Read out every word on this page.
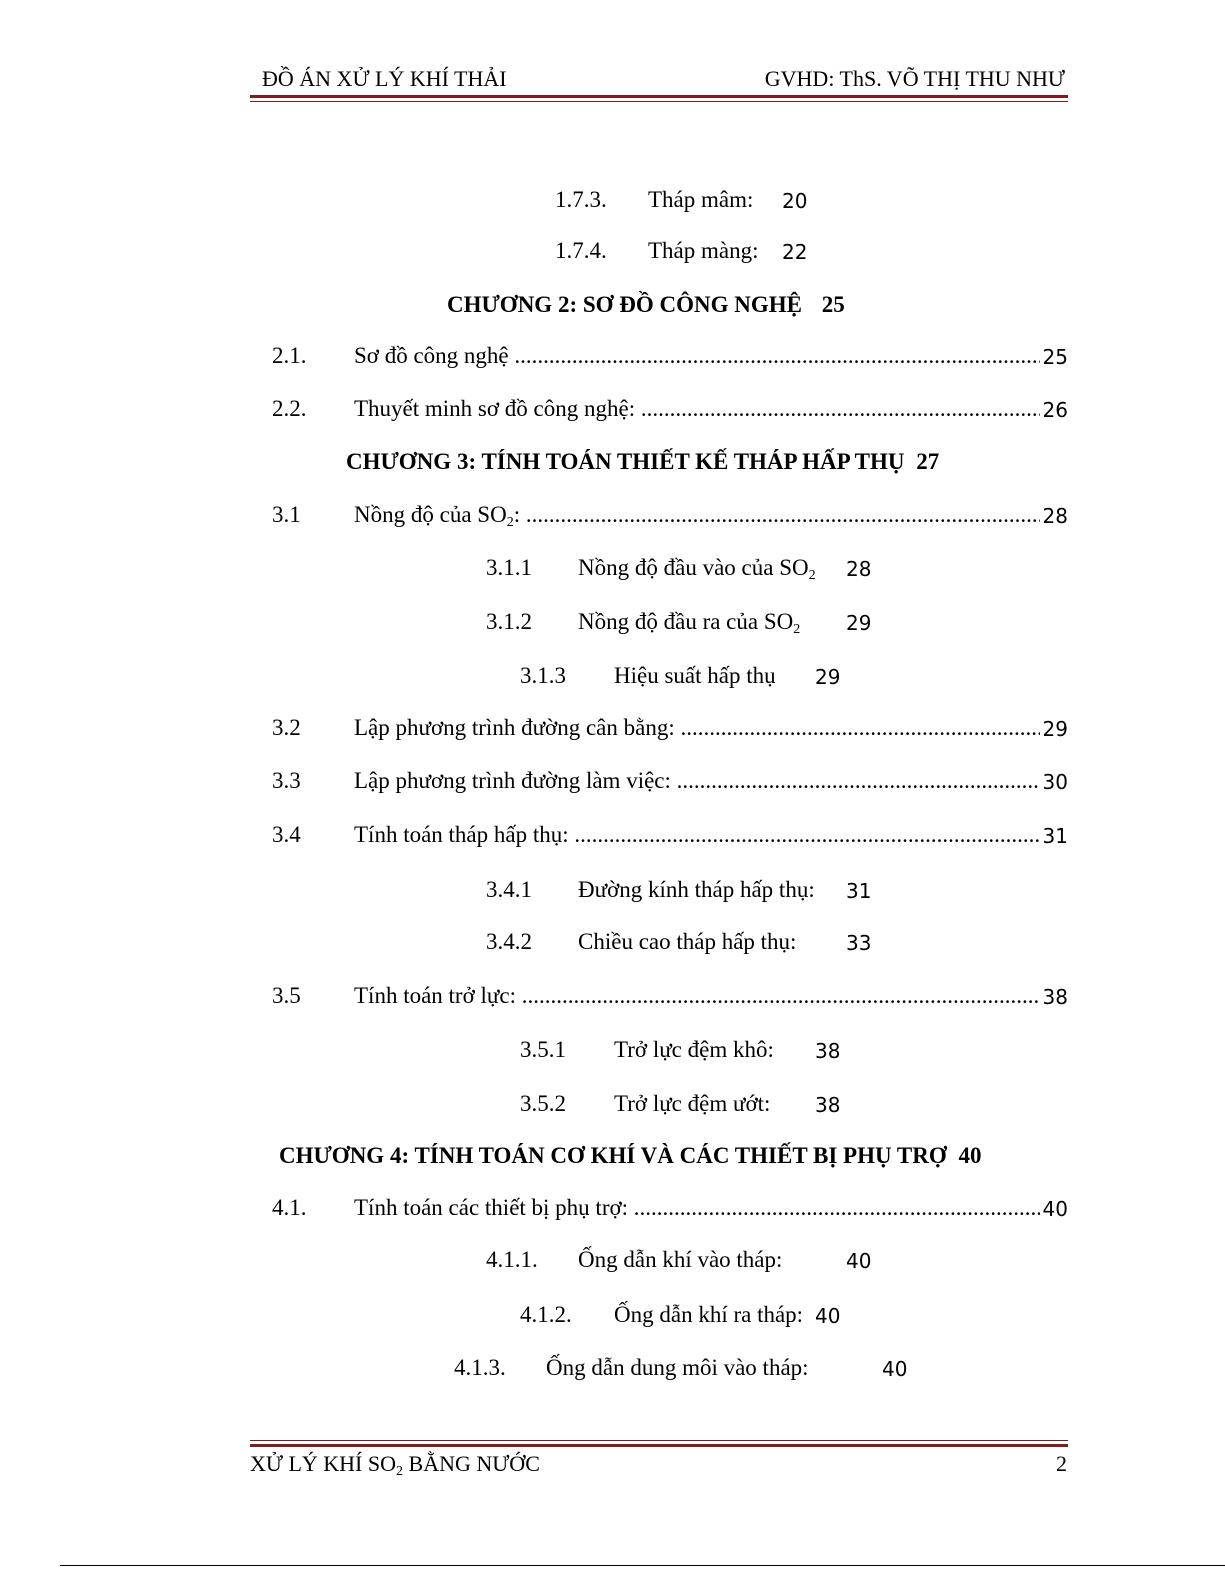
ĐỒ ÁN XỬ LÝ KHÍ THẢI	GVHD: ThS. VÕ THỊ THU NHƯ
1.7.3. Tháp mâm: 20
1.7.4. Tháp màng: 22
CHƯƠNG 2: SƠ ĐỒ CÔNG NGHỆ 25
2.1. Sơ đồ công nghệ .....	25
2.2. Thuyết minh sơ đồ công nghệ: .....	26
CHƯƠNG 3: TÍNH TOÁN THIẾT KẾ THÁP HẤP THỤ 27
3.1 Nồng độ của $SO_2$: .....	28
3.1.1 Nồng độ đầu vào của $SO_2$ 28
3.1.2 Nồng độ đầu ra của $SO_2$ 29
3.1.3 Hiệu suất hấp thụ 29
3.2 Lập phương trình đường cân bằng: .....	29
3.3 Lập phương trình đường làm việc: .....	30
3.4 Tính toán tháp hấp thụ: .....	31
3.4.1 Đường kính tháp hấp thụ: 31
3.4.2 Chiều cao tháp hấp thụ: 33
3.5 Tính toán trở lực: .....	38
3.5.1 Trở lực đệm khô: 38
3.5.2 Trở lực đệm ướt: 38
CHƯƠNG 4: TÍNH TOÁN CƠ KHÍ VÀ CÁC THIẾT BỊ PHỤ TRỢ 40
4.1. Tính toán các thiết bị phụ trợ: .....	40
4.1.1. Ống dẫn khí vào tháp:	40
4.1.2. Ống dẫn khí ra tháp: 40
4.1.3. Ống dẫn dung môi vào tháp:	40
XỬ LÝ KHÍ $SO_2$ BẰNG NƯỚC	2
